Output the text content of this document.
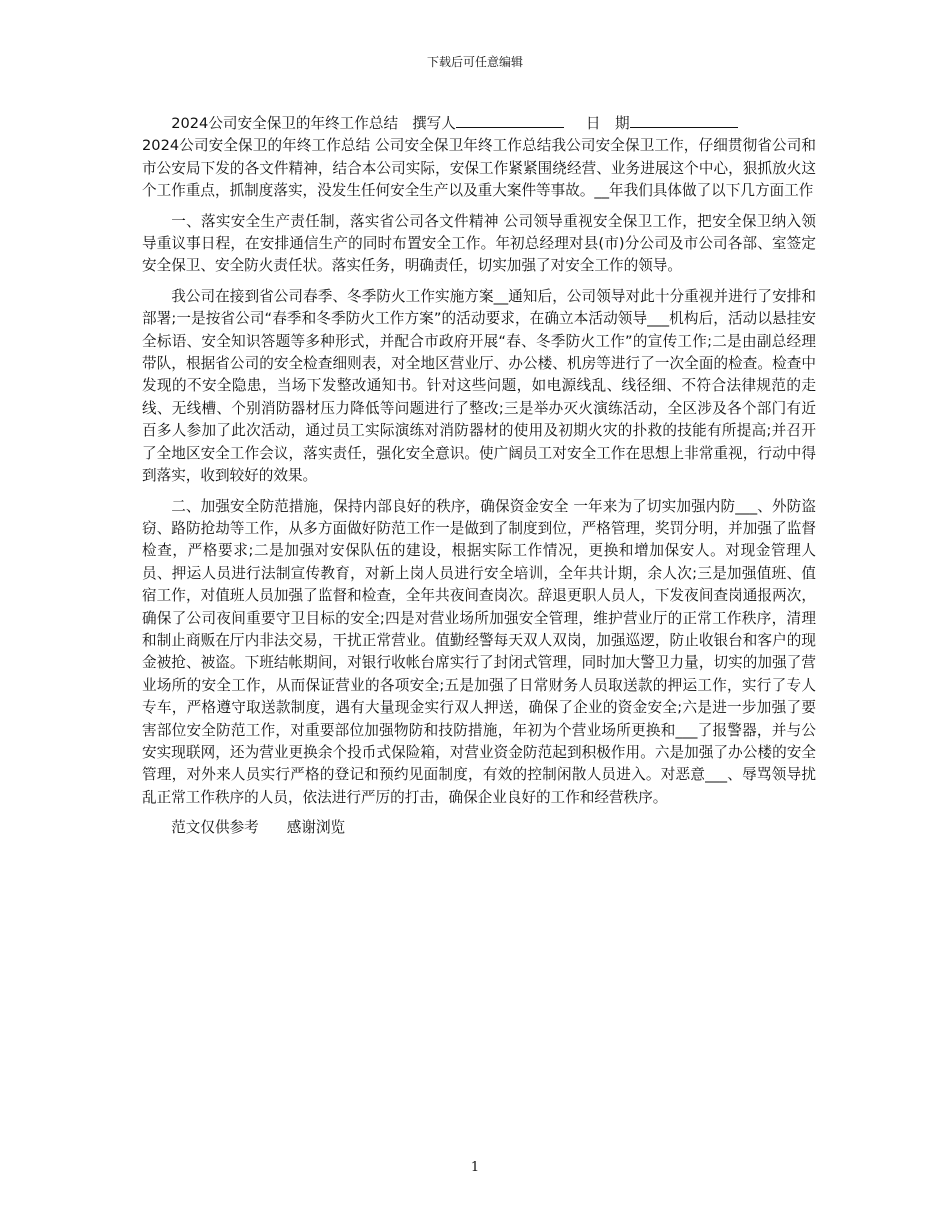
下载后可任意编辑

2024公司安全保卫的年终工作总结 撰写人	日　期

2024公司安全保卫的年终工作总结 公司安全保卫年终工作总结我公司安全保卫工作，仔细贯彻省公司和市公安局下发的各文件精神，结合本公司实际，安保工作紧紧围绕经营、业务进展这个中心，狠抓放火这个工作重点，抓制度落实，没发生任何安全生产以及重大案件等事故。__年我们具体做了以下几方面工作

一、落实安全生产责任制，落实省公司各文件精神 公司领导重视安全保卫工作，把安全保卫纳入领导重议事日程，在安排通信生产的同时布置安全工作。年初总经理对县(市)分公司及市公司各部、室签定安全保卫、安全防火责任状。落实任务，明确责任，切实加强了对安全工作的领导。

我公司在接到省公司春季、冬季防火工作实施方案__通知后，公司领导对此十分重视并进行了安排和部署;一是按省公司“春季和冬季防火工作方案”的活动要求，在确立本活动领导___机构后，活动以悬挂安全标语、安全知识答题等多种形式，并配合市政府开展“春、冬季防火工作”的宣传工作;二是由副总经理带队，根据省公司的安全检查细则表，对全地区营业厅、办公楼、机房等进行了一次全面的检查。检查中发现的不安全隐患，当场下发整改通知书。针对这些问题，如电源线乱、线径细、不符合法律规范的走线、无线槽、个别消防器材压力降低等问题进行了整改;三是举办灭火演练活动，全区涉及各个部门有近百多人参加了此次活动，通过员工实际演练对消防器材的使用及初期火灾的扑救的技能有所提高;并召开了全地区安全工作会议，落实责任，强化安全意识。使广阔员工对安全工作在思想上非常重视，行动中得到落实，收到较好的效果。

二、加强安全防范措施，保持内部良好的秩序，确保资金安全 一年来为了切实加强内防___、外防盗窃、路防抢劫等工作，从多方面做好防范工作一是做到了制度到位，严格管理，奖罚分明，并加强了监督检查，严格要求;二是加强对安保队伍的建设，根据实际工作情况，更换和增加保安人。对现金管理人员、押运人员进行法制宣传教育，对新上岗人员进行安全培训，全年共计期，余人次;三是加强值班、值宿工作，对值班人员加强了监督和检查，全年共夜间查岗次。辞退更职人员人，下发夜间查岗通报两次，确保了公司夜间重要守卫目标的安全;四是对营业场所加强安全管理，维护营业厅的正常工作秩序，清理和制止商贩在厅内非法交易，干扰正常营业。值勤经警每天双人双岗，加强巡逻，防止收银台和客户的现金被抢、被盗。下班结帐期间，对银行收帐台席实行了封闭式管理，同时加大警卫力量，切实的加强了营业场所的安全工作，从而保证营业的各项安全;五是加强了日常财务人员取送款的押运工作，实行了专人专车，严格遵守取送款制度，遇有大量现金实行双人押送，确保了企业的资金安全;六是进一步加强了要害部位安全防范工作，对重要部位加强物防和技防措施，年初为个营业场所更换和___了报警器，并与公安实现联网，还为营业更换余个投币式保险箱，对营业资金防范起到积极作用。六是加强了办公楼的安全管理，对外来人员实行严格的登记和预约见面制度，有效的控制闲散人员进入。对恶意___、辱骂领导扰乱正常工作秩序的人员，依法进行严厉的打击，确保企业良好的工作和经营秩序。

范文仅供参考 感谢浏览

1
